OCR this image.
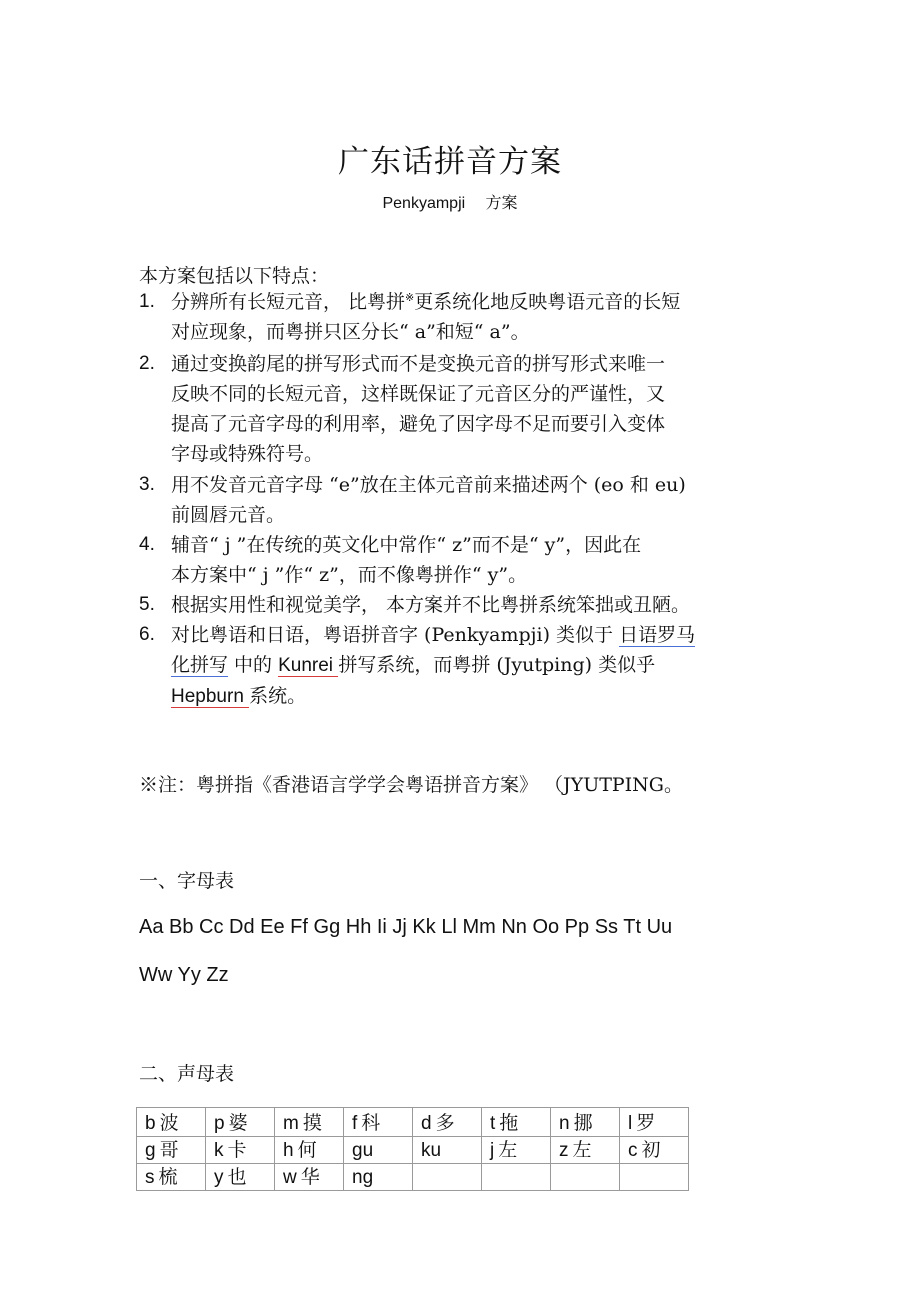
广东话拼音方案
Penkyampji 方案
本方案包括以下特点：
1. 分辨所有长短元音， 比粤拼※更系统化地反映粤语元音的长短
对应现象，而粤拼只区分长“ a”和短“ a”。
2. 通过变换韵尾的拼写形式而不是变换元音的拼写形式来唯一
反映不同的长短元音，这样既保证了元音区分的严谨性，又
提高了元音字母的利用率，避免了因字母不足而要引入变体
字母或特殊符号。
3. 用不发音元音字母 “e”放在主体元音前来描述两个 (eo 和 eu)
前圆唇元音。
4. 辅音“ j ”在传统的英文化中常作“ z”而不是“ y”，因此在
本方案中“ j ”作“ z”，而不像粤拼作“ y”。
5. 根据实用性和视觉美学， 本方案并不比粤拼系统笨拙或丑陋。
6. 对比粤语和日语，粤语拼音字 (Penkyampji) 类似于 日语罗马
化拼写 中的 Kunrei 拼写系统，而粤拼 (Jyutping) 类似乎
Hepburn 系统。
※注：粤拼指《香港语言学学会粤语拼音方案》 （JYUTPING。
一、字母表
Aa Bb Cc Dd Ee Ff Gg Hh Ii Jj Kk Ll Mm Nn Oo Pp Ss Tt Uu
Ww Yy Zz
二、声母表
b 波	p 婆	m 摸	f 科	d 多	t 拖	n 挪	l 罗
g 哥	k 卡	h 何	gu	ku	j 左	z 左	c 初
s 梳	y 也	w 华	ng				
